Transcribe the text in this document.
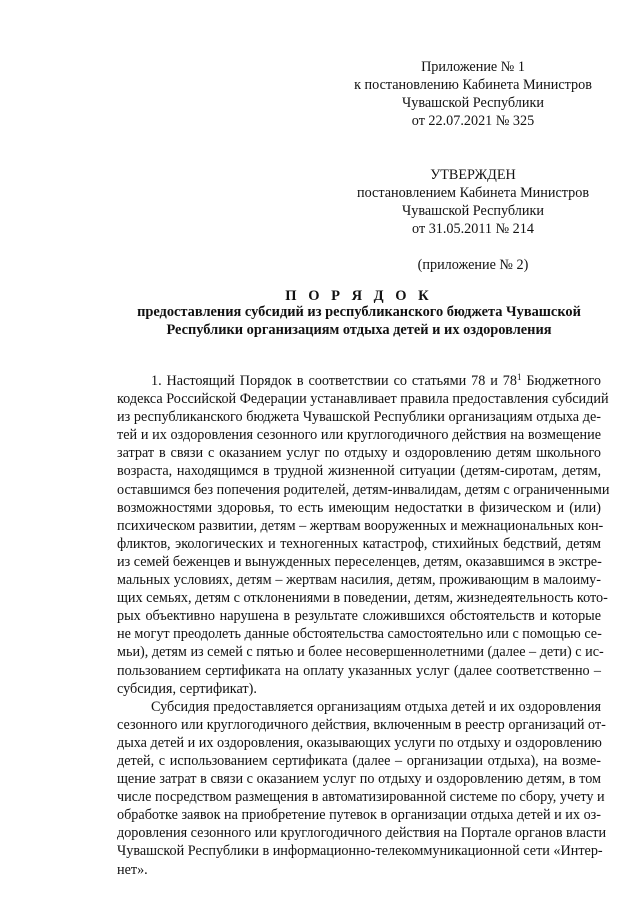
Приложение № 1
к постановлению Кабинета Министров
Чувашской Республики
от 22.07.2021 № 325
УТВЕРЖДЕН
постановлением Кабинета Министров
Чувашской Республики
от 31.05.2011 № 214
(приложение № 2)
П О Р Я Д О К
предоставления субсидий из республиканского бюджета Чувашской
Республики организациям отдыха детей и их оздоровления
1. Настоящий Порядок в соответствии со статьями 78 и $78^1$ Бюджетного
кодекса Российской Федерации устанавливает правила предоставления субсидий
из республиканского бюджета Чувашской Республики организациям отдыха де-
тей и их оздоровления сезонного или круглогодичного действия на возмещение
затрат в связи с оказанием услуг по отдыху и оздоровлению детям школьного
возраста, находящимся в трудной жизненной ситуации (детям-сиротам, детям,
оставшимся без попечения родителей, детям-инвалидам, детям с ограниченными
возможностями здоровья, то есть имеющим недостатки в физическом и (или)
психическом развитии, детям – жертвам вооруженных и межнациональных кон-
фликтов, экологических и техногенных катастроф, стихийных бедствий, детям
из семей беженцев и вынужденных переселенцев, детям, оказавшимся в экстре-
мальных условиях, детям – жертвам насилия, детям, проживающим в малоиму-
щих семьях, детям с отклонениями в поведении, детям, жизнедеятельность кото-
рых объективно нарушена в результате сложившихся обстоятельств и которые
не могут преодолеть данные обстоятельства самостоятельно или с помощью се-
мьи), детям из семей с пятью и более несовершеннолетними (далее – дети) с ис-
пользованием сертификата на оплату указанных услуг (далее соответственно –
субсидия, сертификат).
Субсидия предоставляется организациям отдыха детей и их оздоровления
сезонного или круглогодичного действия, включенным в реестр организаций от-
дыха детей и их оздоровления, оказывающих услуги по отдыху и оздоровлению
детей, с использованием сертификата (далее – организации отдыха), на возме-
щение затрат в связи с оказанием услуг по отдыху и оздоровлению детям, в том
числе посредством размещения в автоматизированной системе по сбору, учету и
обработке заявок на приобретение путевок в организации отдыха детей и их оз-
доровления сезонного или круглогодичного действия на Портале органов власти
Чувашской Республики в информационно-телекоммуникационной сети «Интер-
нет».
